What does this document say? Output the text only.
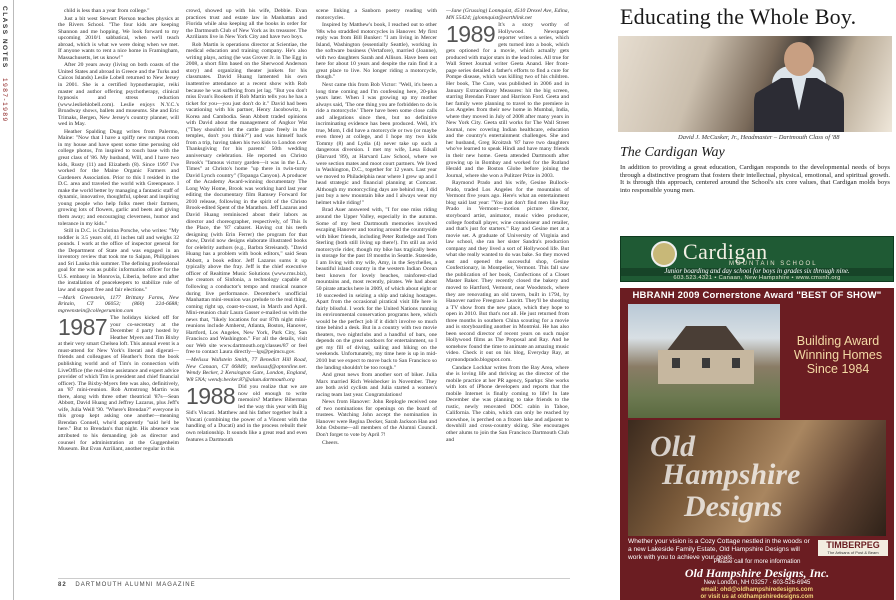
CLASS NOTES 1987-1989

child is less than a year from college."

Just a bit west Stewart Pierson teaches physics at the Rivers School. "The four kids are keeping Shannon and me hopping. We look forward to my upcoming 2010/1 sabbatical, when we'll teach abroad, which is what we were doing when we met. If anyone wants to rent a nice home in Framingham, Massachusetts, let us know!"

After 20 years away (living on both coasts of the United States and abroad in Greece and the Turks and Caicos Islands) Leslie Lobell returned to New Jersey in 2001. She is a certified hypnotherapist, reiki master and author offering psychotherapy, clinical hypnosis and stress reduction (www.lesliehlobell.com). Leslie enjoys N.Y.C.'s Broadway shows, ballets and museums. She and Eric Trimaks, Bergen, New Jersey's country planner, will wed in May.

Heather Spalding Dugg writes from Palermo, Maine: "Now that I have a spiffy new rumpus room in my house and have spent some time perusing old college photos, I'm inspired to touch base with the great class of '86. My husband, Will, and I have two kids, Rusty (11) and Elizabeth (8). Since 1997 I've worked for the Maine Organic Farmers and Gardeners Association. Prior to this I resided in the D.C. area and traveled the world with Greenpeace. I make the world better by managing a fantastic staff of dynamic, innovative, thoughtful, upbeat and inspiring young people who help folks meet their farmers, growing lots of flowers, garlic and beets and giving them away; and encouraging cleverness, humor and tolerance in my kids."

Still in D.C. is Christina Porsche, who writes: "My toddler is 3.5 years old, 41 inches tall and weighs 32 pounds. I work at the office of inspector general for the Department of State and was engaged in an inventory review that took me to Saipan, Philippines and Sri Lanka this summer. The defining professional goal for me was as public information officer for the U.S. embassy in Monrovia, Liberia, before and after the installation of peacekeepers to stabilize rule of law and support free and fair elections."

—Mark Greenstein, 1177 Brittany Farms, New Britain, CT 06053; (860) 224-6688; mgreenstein@collegeruminn.com

1987 The holidays kicked off for your co-secretary at the December 4 party hosted by Heather Myers and Tim Bixby at their very smart Chelsea loft. This annual event is a must-attend for New York's literati and digerati—friends and colleagues of Heather's from the book publishing world and of Tim's in connection with LiveOffice (the real-time assistance and expert advice provider of which Tim is president and chief financial officer). The Bixby-Myers fete was also, definitively, an '87 mini-reunion. Rob Armstrong Martin was there, along with three other theatrical '87s—Sean Abbott, David Huang and Jeffrey Lazarus, plus Jeff's wife, Julia Weill '90. "Where's Brendan?" everyone in this group kept asking one another—meaning Brendan Connell, who'd apparently "said he'd be here." But to Brendan's that night. His absence was attributed to his demanding job as director and counsel for administration at the Guggenheim Museum. But Evan Azriliant, another regular in this

crowd, showed up with his wife, Debbie. Evan practices trust and estate law in Manhattan and Florida while also keeping all the books in order for the Dartmouth Club of New York as its treasurer. The Azriliants live in New York City and have two boys.

Rob Martin is operations director at Scientiae, the medical education and training company. He's also writing plays, acting (he was Grover Jr. in The Egg in 2008, a short film based on the Sherwood Anderson story) and organizing theater junkets for his classmates. David Huang lamented his own inattentive attendance at a recent show with Rob because he was suffering from jet lag. "But you don't miss Evan's Bookem if Rob Martin tells you he has a ticket for you—you just don't do it." David had been vacationing with his partner, Henry Jacobowitz, in Korea and Cambodia. Sean Abbott traded opinions with David about the management of Angkor Wat ("They shouldn't let the cattle graze freely in the temples, don't you think?") and was himself back from a trip, having taken his two kids to London over Thanksgiving for his parents' 50th wedding anniversary celebration. He reported on Christo Brook's "famous victory garden—it was in the L.A. Times" at Christo's home "up there in twin-turny David Lynch country" (Topanga Canyon). A producer of the Academy Award-winning documentary The Long Way Home, Brook was working hard last year editing the documentary film Ramsey Forward for 2010 release, following in the spirit of the Christo Brook-edited Spent of the Marathon. Jeff Lazarus and David Huang reminisced about their labors as director and choreographer, respectively, of This Is the Place, the '87 cabaret. Having cut his teeth designing (with Erin Ferrer) the program for that show, David now designs elaborate illustrated books for celebrity authors (e.g., Barbra Streisand). "David Huang has a problem with book editors," said Sean Abbott, a book editor. Jeff Lazarus sums it up typically above the fray. Jeff is the chief executive officer of Realtime Music Solutions (www.rms.biz), the creators of Sinfonia, a technology capable of following a conductor's tempo and musical nuance during live performance. December's unofficial Manhattan mini-reunion was prelude to the real thing, coming right up, coast-to-coast, in March and April. Mini-reunion chair Laura Gasser e-mailed us with the news that, "likely locations for our 87th night mini-reunions include Amherst, Atlanta, Boston, Hanover, Hartford, Los Angeles, New York, Park City, San Francisco and Washington." For all the details, visit our Web site www.dartmouth.org/classes/87 or feel free to contact Laura directly—lgs@pejmcu.gov.

—Melissa Wallstein Smith, 77 Benedict Hill Road, New Canaan, CT 06840; melissasf@optonline.net. Wendy Becker, 2 Kensington Gate, London, England, W8 5NA; wendy.becker.87@alum.dartmouth.org

1988 Did you realize that we are now old enough to write memoirs? Matthew Biberman led the way this year with Big Sid's Vincati. Matthew and his father together built a Vincati (combining the power of a Vincent with the handling of a Ducati) and in the process rebuilt their own relationship. It sounds like a great read and even features a Dartmouth

scene linking a Sanborn poetry reading with motorcycles.

Inspired by Matthew's book, I reached out to other '88s who straddled motorcycles in Hanover. My first reply was from Bill Bunker: "I am living in Mercer Island, Washington (essentially Seattle), working in the software business (Vertafore), married (Joanne), with two daughters Sarah and Allison. Have been out here for about 10 years and despite the rain find it a great place to live. No longer riding a motorcycle, though."

Next came this from Bob Victor: "Well, it's been a long time coming and I'm confessing here, 20-plus years later. When I was growing up my mother always said, 'The one thing you are forbidden to do is ride a motorcycle.' There have been some close calls and allegations since then, but no definitive incriminating evidence has been produced. Well, it's true, Mom, I did have a motorcycle or two (or maybe even three) at college, and I hope my two kids Tommy (8) and Lydia (4) never take up such a dangerous diversion. I met my wife, Lesa Edsall (Harvard '89), at Harvard Law School, where we were section mates and moot court partners. We lived in Washington, D.C., together for 12 years. Last year we moved to Philadelphia near where I grew up and I head strategic and financial planning at Comcast. Although my motorcycling days are behind me, I did just buy a new mountain bike and I always wear my helmet while riding!"

Brad Auer answered with, "I for one miss riding around the Upper Valley, especially in the autumn. Some of my best Dartmouth memories involved escaping Hanover and touring around the countryside with biker friends, including Peter Rutledge and Tom Sterling (both still living up there!). I'm still an avid motorcycle rider, though my bike has tragically been in storage for the past 18 months in Seattle. Stateside, I am living with my wife, Amy, in the Seychelles, a beautiful island country in the western Indian Ocean best known for lovely beaches, rainforest-clad mountains and, most recently, pirates. We had about 50 pirate attacks here in 2009, of which about eight or 10 succeeded in seizing a ship and taking hostages. Apart from the occasional piratical visit life here is fairly blissful. I work for the United Nations running its environmental conservation programs here, which would be the perfect job if it didn't involve so much time behind a desk. But in a country with two movie theaters, two nightclubs and a handful of bars, one depends on the great outdoors for entertainment, so I get my fill of diving, sailing and hiking on the weekends. Unfortunately, my time here is up in mid-2010 but we expect to move back to San Francisco so the landing shouldn't be too rough."

And great news from another sort of biker. Julia Marx married Rich Weisbecker in November. They are both avid cyclists and Julia started a women's racing team last year. Congratulations!

News from Hanover: John Replogle received one of two nominations for openings on the board of trustees. Watching John accept the nomination in Hanover were Regina Decker, Sarah Jackson Han and John Osborne—all members of the Alumni Council. Don't forget to vote by April 7!

Cheers.

—Jane (Grussing) Lonnquist, 4510 Drexel Ave, Edina, MN 55424; jglonnquist@earthlink.net

1989 It's a story worthy of Hollywood. Newspaper reporter writes a series, which gets turned into a book, which gets optioned for a movie, which actually gets produced with major stars in the lead roles. All true for Wall Street Journal writer Geeta Anand. Her front-page series detailed a father's efforts to find a cure for Pompe disease, which was killing two of his children. Her book, The Cure, was published in 2006 and in January Extraordinary Measures: hit the big screen, starring Brendan Fraser and Harrison Ford. Geeta and her family were planning to travel to the premiere in Los Angeles from their new home in Mumbai, India, where they moved in July of 2008 after many years in New York City. Geeta still works for The Wall Street Journal, now covering Indian healthcare, education and the country's entertainment challenges. She and her husband, Greg Kroitzsh '87 have two daughters who've learned to speak Hindi and have many friends in their new home. Geeta attended Dartmouth after growing up in Bombay and worked for the Rutland Herald and the Boston Globe before joining the Journal, where she won a Pulitzer Prize in 2003.

Raymond Prado and his wife, Gesine Bullock-Prado, traded Los Angeles for the mountains of Vermont five years ago. Here's what an entertainment blog said last year: "You just don't find men like Ray Prado in Vermont—motion picture director, storyboard artist, animator, music video producer, college football player, wine connoisseur and retailer, and that's just for starters." Ray and Gesine met at a movie set. A graduate of University of Virginia and law school, she ran her sister Sandra's production company and they lived a sort of Hollywood life. But what she really wanted to do was bake. So they moved east and opened the successful shop, Gesine Confectionary, in Montpelier, Vermont. This fall saw the publication of her book, Confections of a Closet Master Baker. They recently closed the bakery and moved to Hartford, Vermont, near Woodstock, where they are renovating an old tavern, built in 1794, by Hanover native Freegrace Leavitt. They'll be shooting a TV show from the new place, which they hope to open in 2010. But that's not all. He just returned from three months in southern China scouting for a movie and is storyboarding another in Montréal. He has also been second director of recent years on such major Hollywood films as The Proposal and Ray. And he somehow found the time to animate an amazing music video. Check it out on his blog, Everyday Ray, at raymondprado.blogspot.com.

Candace Lockhar writes from the Bay Area, where she is loving life and thriving as the director of the mobile practice at her PR agency, Sparkpr. She works with lots of iPhone developers and reports that the mobile Internet is finally coming to life! In late December she was planning to take friends to the rustic, newly renovated DOC cabin in Tahoe, California. The cabin, which can only be reached by snowshoe, is perched on a frozen lake and adjacent to downhill and cross-country skiing. She encourages other alums to join the San Francisco Dartmouth Club and

82 DARTMOUTH ALUMNI MAGAZINE
Educating the Whole Boy.
David J. McCusker, Jr., Headmaster – Dartmouth Class of '88
The Cardigan Way
In addition to providing a great education, Cardigan responds to the developmental needs of boys through a distinctive program that fosters their intellectual, physical, emotional, and spiritual growth. It is through this approach, centered around the School's six core values, that Cardigan molds boys into responsible young men.
Cardigan
MOUNTAIN SCHOOL
Junior boarding and day school for boys in grades six through nine.
603.523.4321 • Canaan, New Hampshire • www.cmsnh.org
HBRANH 2009 Cornerstone Award "BEST OF SHOW"
Building Award
Winning Homes
Since 1984
Old
Hampshire
Designs
Whether your vision is a Cozy Cottage nestled in the woods or a new Lakeside Family Estate, Old Hampshire Designs will work with you to achieve your goals.
TIMBERPEG
The Artisans of Post & Beam
Please call for more information
Old Hampshire Designs, Inc.
New London, NH 03257 · 603-526-6945
email: ohd@oldhampshiredesigns.com
or visit us at oldhampshiredesigns.com
